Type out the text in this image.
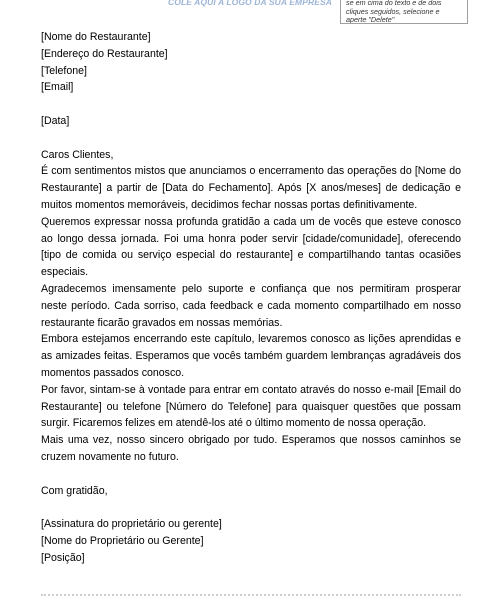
COLE AQUI A LOGO DA SUA EMPRESA se em cima do texto e de dois
cliques seguidos, selecione e
aperte "Delete"
[Nome do Restaurante]
[Endereço do Restaurante]
[Telefone]
[Email]
[Data]
Caros Clientes,
É com sentimentos mistos que anunciamos o encerramento das operações do [Nome do Restaurante] a partir de [Data do Fechamento]. Após [X anos/meses] de dedicação e muitos momentos memoráveis, decidimos fechar nossas portas definitivamente.
Queremos expressar nossa profunda gratidão a cada um de vocês que esteve conosco ao longo dessa jornada. Foi uma honra poder servir [cidade/comunidade], oferecendo [tipo de comida ou serviço especial do restaurante] e compartilhando tantas ocasiões especiais.
Agradecemos imensamente pelo suporte e confiança que nos permitiram prosperar neste período. Cada sorriso, cada feedback e cada momento compartilhado em nosso restaurante ficarão gravados em nossas memórias.
Embora estejamos encerrando este capítulo, levaremos conosco as lições aprendidas e as amizades feitas. Esperamos que vocês também guardem lembranças agradáveis dos momentos passados conosco.
Por favor, sintam-se à vontade para entrar em contato através do nosso e-mail [Email do Restaurante] ou telefone [Número do Telefone] para quaisquer questões que possam surgir. Ficaremos felizes em atendê-los até o último momento de nossa operação.
Mais uma vez, nosso sincero obrigado por tudo. Esperamos que nossos caminhos se cruzem novamente no futuro.
Com gratidão,
[Assinatura do proprietário ou gerente]
[Nome do Proprietário ou Gerente]
[Posição]
